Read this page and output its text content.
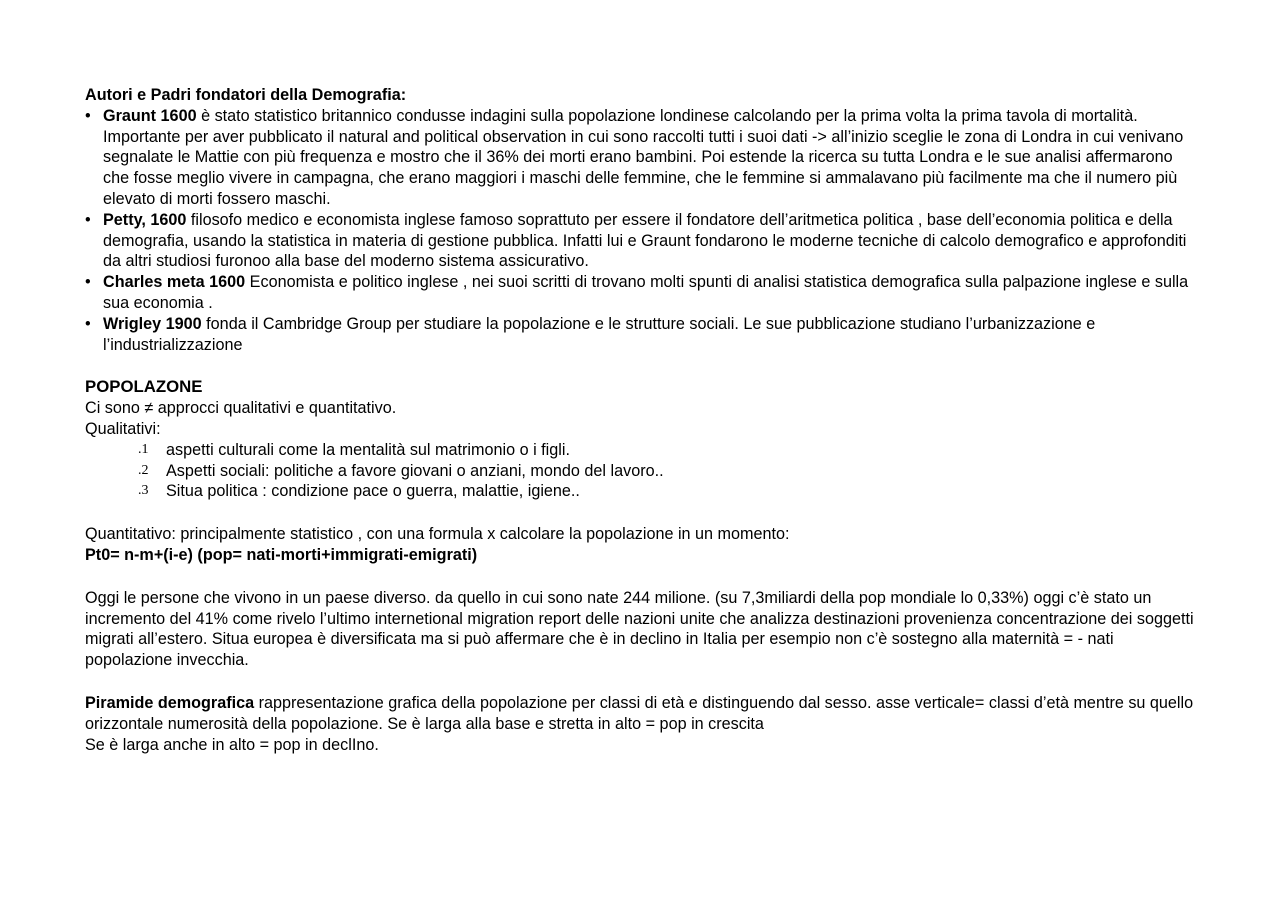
Autori e Padri fondatori della Demografia:
• Graunt 1600 è stato statistico britannico condusse indagini sulla popolazione londinese calcolando per la prima volta la prima tavola di mortalità. Importante per aver pubblicato il natural and political observation in cui sono raccolti tutti i suoi dati -> all’inizio sceglie le zona di Londra in cui venivano segnalate le Mattie con più frequenza e mostro che il 36% dei morti erano bambini. Poi estende la ricerca su tutta Londra e le sue analisi affermarono che fosse meglio vivere in campagna, che erano maggiori i maschi delle femmine, che le femmine si ammalavano più facilmente ma che il numero più elevato di morti fossero maschi.
• Petty, 1600 filosofo medico e economista inglese famoso soprattuto per essere il fondatore dell’aritmetica politica , base dell’economia politica e della demografia, usando la statistica in materia di gestione pubblica. Infatti lui e Graunt fondarono le moderne tecniche di calcolo demografico e approfonditi da altri studiosi furonoo alla base del moderno sistema assicurativo.
• Charles meta 1600 Economista e politico inglese , nei suoi scritti di trovano molti spunti di analisi statistica demografica sulla palpazione inglese e sulla sua economia .
• Wrigley 1900 fonda il Cambridge Group per studiare la popolazione e le strutture sociali. Le sue pubblicazione studiano l’urbanizzazione e l’industrializzazione
POPOLAZONE
Ci sono ≠ approcci qualitativi e quantitativo.
Qualitativi:
.1 aspetti culturali come la mentalità sul matrimonio o i figli.
.2 Aspetti sociali: politiche a favore giovani o anziani, mondo del lavoro..
.3 Situa politica : condizione pace o guerra, malattie, igiene..
Quantitativo: principalmente statistico , con una formula x calcolare la popolazione in un momento:
Pt0= n-m+(i-e) (pop= nati-morti+immigrati-emigrati)
Oggi le persone che vivono in un paese diverso. da quello in cui sono nate 244 milione. (su 7,3miliardi della pop mondiale lo 0,33%) oggi c’è stato un incremento del 41% come rivelo l’ultimo internetional migration report delle nazioni unite che analizza destinazioni provenienza concentrazione dei soggetti migrati all’estero. Situa europea è diversificata ma si può affermare che è in declino in Italia per esempio non c’è sostegno alla maternità = - nati popolazione invecchia.
Piramide demografica rappresentazione grafica della popolazione per classi di età e distinguendo dal sesso. asse verticale= classi d’età mentre su quello orizzontale numerosità della popolazione. Se è larga alla base e stretta in alto = pop in crescita
Se è larga anche in alto = pop in declIno.
